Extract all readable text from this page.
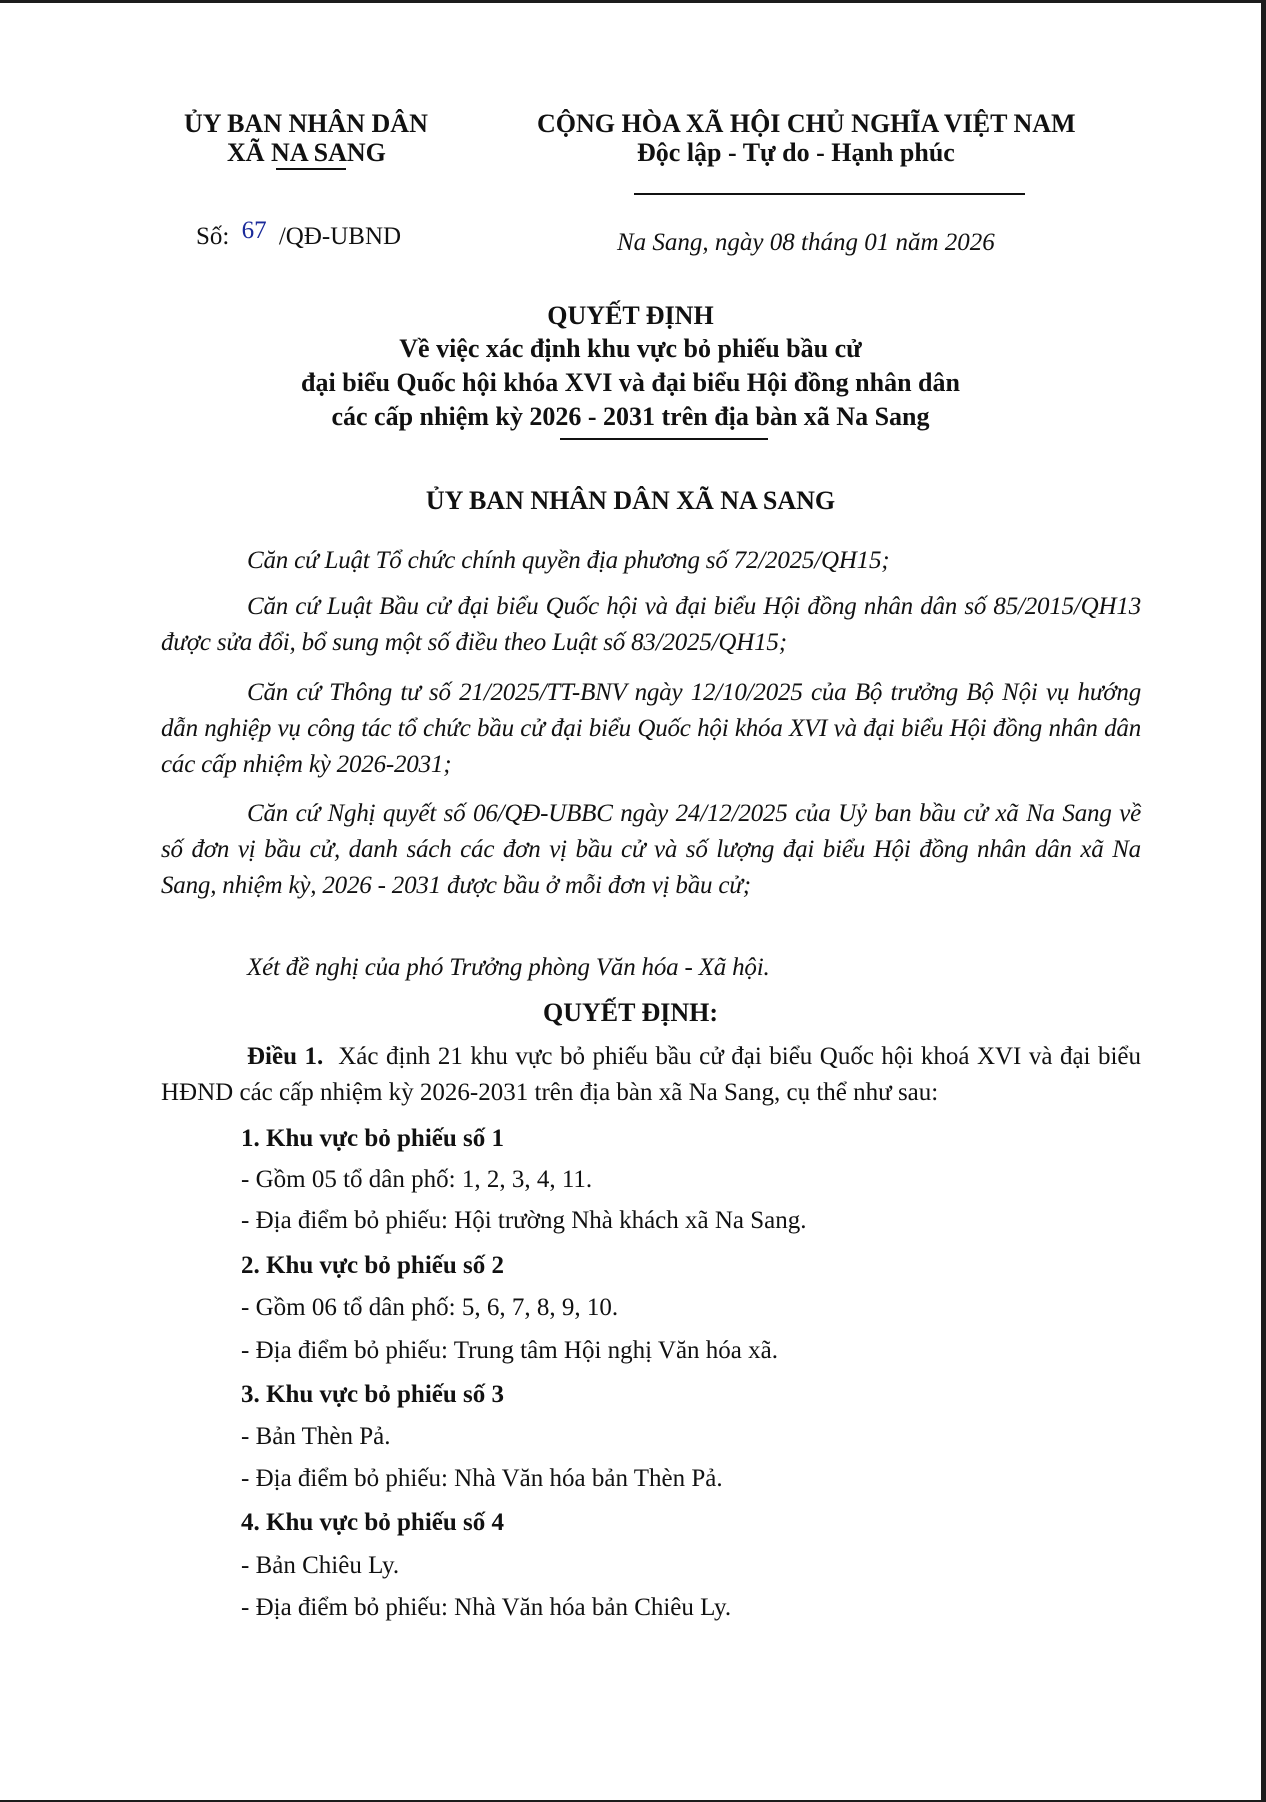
ỦY BAN NHÂN DÂN
XÃ NA SANG
CỘNG HÒA XÃ HỘI CHỦ NGHĨA VIỆT NAM
Độc lập - Tự do - Hạnh phúc
Số: 67 /QĐ-UBND	Na Sang, ngày 08 tháng 01 năm 2026
QUYẾT ĐỊNH
Về việc xác định khu vực bỏ phiếu bầu cử
đại biểu Quốc hội khóa XVI và đại biểu Hội đồng nhân dân
các cấp nhiệm kỳ 2026 - 2031 trên địa bàn xã Na Sang
ỦY BAN NHÂN DÂN XÃ NA SANG
Căn cứ Luật Tổ chức chính quyền địa phương số 72/2025/QH15;
Căn cứ Luật Bầu cử đại biểu Quốc hội và đại biểu Hội đồng nhân dân số 85/2015/QH13 được sửa đổi, bổ sung một số điều theo Luật số 83/2025/QH15;
Căn cứ Thông tư số 21/2025/TT-BNV ngày 12/10/2025 của Bộ trưởng Bộ Nội vụ hướng dẫn nghiệp vụ công tác tổ chức bầu cử đại biểu Quốc hội khóa XVI và đại biểu Hội đồng nhân dân các cấp nhiệm kỳ 2026-2031;
Căn cứ Nghị quyết số 06/QĐ-UBBC ngày 24/12/2025 của Uỷ ban bầu cử xã Na Sang về số đơn vị bầu cử, danh sách các đơn vị bầu cử và số lượng đại biểu Hội đồng nhân dân xã Na Sang, nhiệm kỳ, 2026 - 2031 được bầu ở mỗi đơn vị bầu cử;
Xét đề nghị của phó Trưởng phòng Văn hóa - Xã hội.
QUYẾT ĐỊNH:
Điều 1. Xác định 21 khu vực bỏ phiếu bầu cử đại biểu Quốc hội khoá XVI và đại biểu HĐND các cấp nhiệm kỳ 2026-2031 trên địa bàn xã Na Sang, cụ thể như sau:
1. Khu vực bỏ phiếu số 1
- Gồm 05 tổ dân phố: 1, 2, 3, 4, 11.
- Địa điểm bỏ phiếu: Hội trường Nhà khách xã Na Sang.
2. Khu vực bỏ phiếu số 2
- Gồm 06 tổ dân phố: 5, 6, 7, 8, 9, 10.
- Địa điểm bỏ phiếu: Trung tâm Hội nghị Văn hóa xã.
3. Khu vực bỏ phiếu số 3
- Bản Thèn Pả.
- Địa điểm bỏ phiếu: Nhà Văn hóa bản Thèn Pả.
4. Khu vực bỏ phiếu số 4
- Bản Chiêu Ly.
- Địa điểm bỏ phiếu: Nhà Văn hóa bản Chiêu Ly.
